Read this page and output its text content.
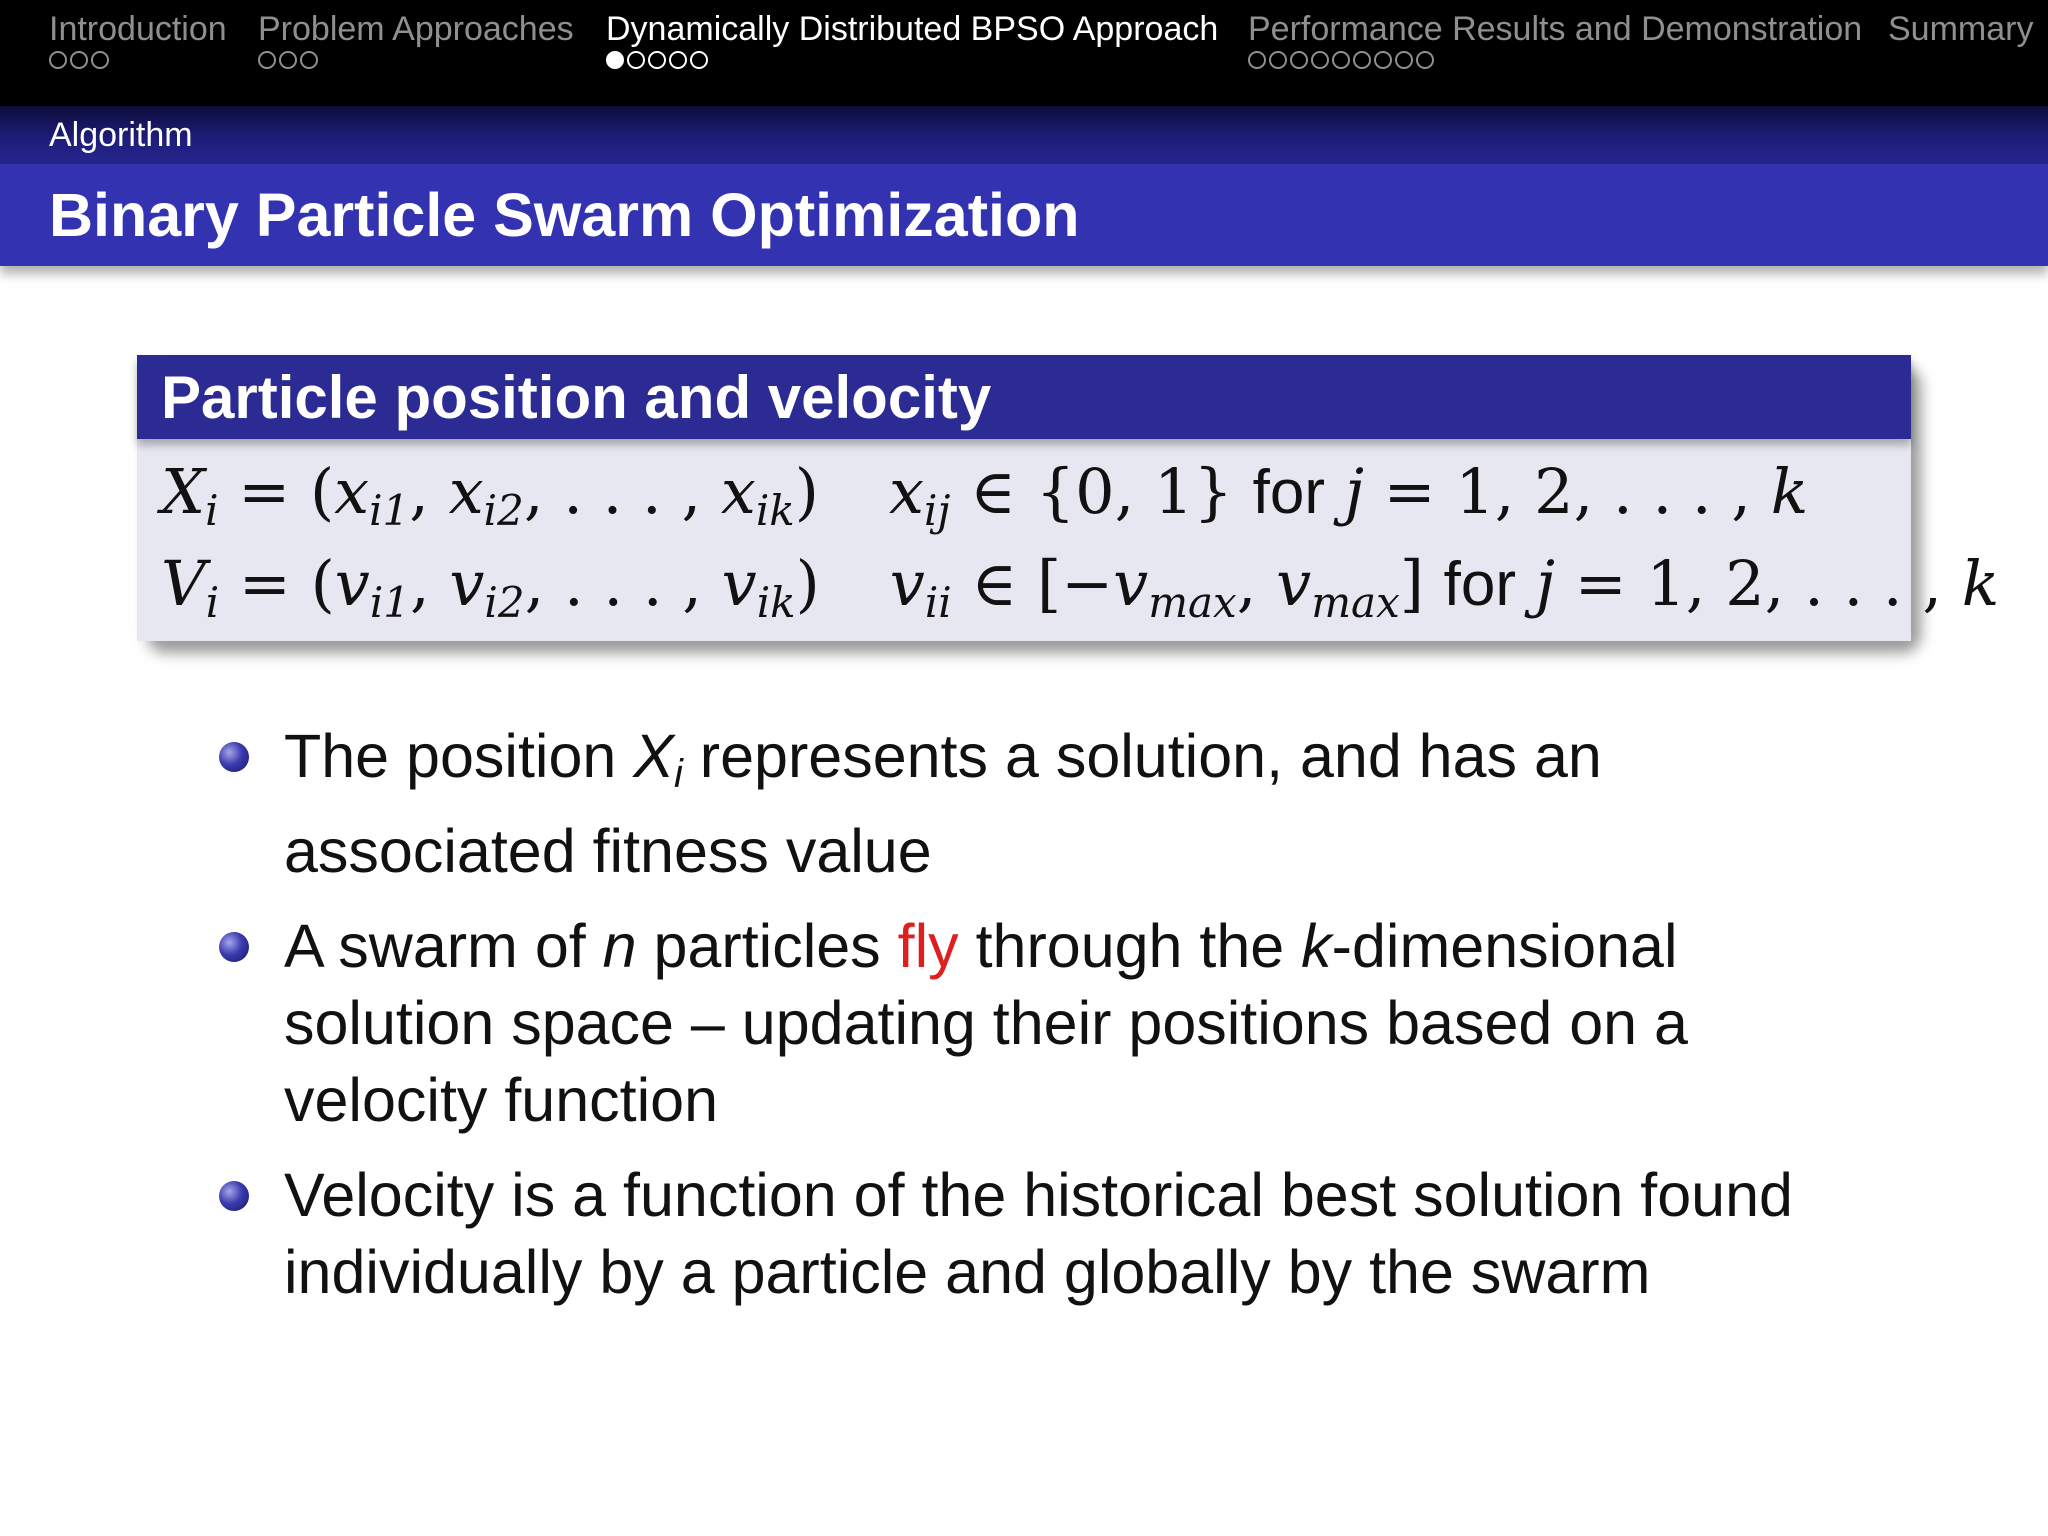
Introduction Problem Approaches Dynamically Distributed BPSO Approach Performance Results and Demonstration Summary
Algorithm
Binary Particle Swarm Optimization
Particle position and velocity
$X_i = (x_{i1}$, $x_{i2}$, . . . , $x_{ik}$) $x_{ij}$ ∈ {0, 1} for j = 1, 2, . . . , k
$V_i = (v_{i1}$, $v_{i2}$, . . . , $v_{ik}$) $v_{ii}$ ∈ [$-v_{max}$, $v_{max}$] for j = 1, 2, . . . , k
The position $X_i$ represents a solution, and has an associated fitness value
A swarm of n particles fly through the k-dimensional solution space – updating their positions based on a velocity function
Velocity is a function of the historical best solution found individually by a particle and globally by the swarm
